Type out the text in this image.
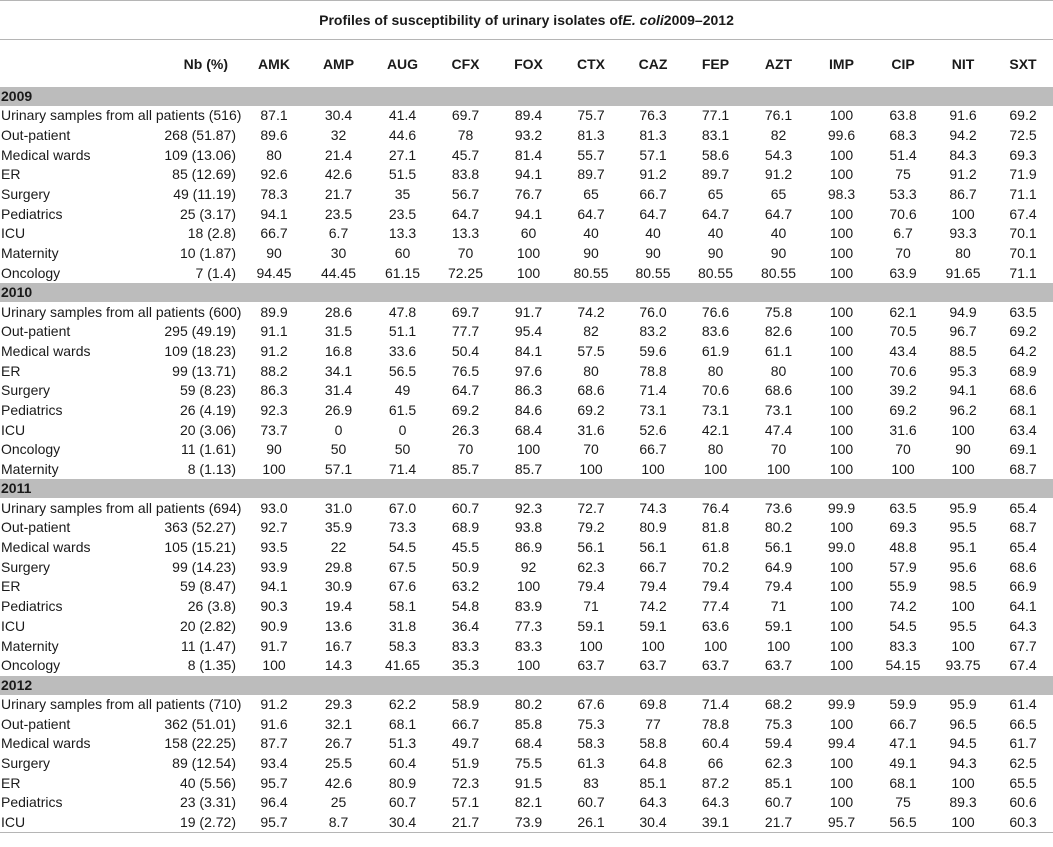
Profiles of susceptibility of urinary isolates of E. coli 2009–2012
	Nb (%)	AMK	AMP	AUG	CFX	FOX	CTX	CAZ	FEP	AZT	IMP	CIP	NIT	SXT
2009														
Urinary samples from all patients (516)		87.1	30.4	41.4	69.7	89.4	75.7	76.3	77.1	76.1	100	63.8	91.6	69.2
Out-patient	268 (51.87)	89.6	32	44.6	78	93.2	81.3	81.3	83.1	82	99.6	68.3	94.2	72.5
Medical wards	109 (13.06)	80	21.4	27.1	45.7	81.4	55.7	57.1	58.6	54.3	100	51.4	84.3	69.3
ER	85 (12.69)	92.6	42.6	51.5	83.8	94.1	89.7	91.2	89.7	91.2	100	75	91.2	71.9
Surgery	49 (11.19)	78.3	21.7	35	56.7	76.7	65	66.7	65	65	98.3	53.3	86.7	71.1
Pediatrics	25 (3.17)	94.1	23.5	23.5	64.7	94.1	64.7	64.7	64.7	64.7	100	70.6	100	67.4
ICU	18 (2.8)	66.7	6.7	13.3	13.3	60	40	40	40	40	100	6.7	93.3	70.1
Maternity	10 (1.87)	90	30	60	70	100	90	90	90	90	100	70	80	70.1
Oncology	7 (1.4)	94.45	44.45	61.15	72.25	100	80.55	80.55	80.55	80.55	100	63.9	91.65	71.1
2010														
Urinary samples from all patients (600)		89.9	28.6	47.8	69.7	91.7	74.2	76.0	76.6	75.8	100	62.1	94.9	63.5
Out-patient	295 (49.19)	91.1	31.5	51.1	77.7	95.4	82	83.2	83.6	82.6	100	70.5	96.7	69.2
Medical wards	109 (18.23)	91.2	16.8	33.6	50.4	84.1	57.5	59.6	61.9	61.1	100	43.4	88.5	64.2
ER	99 (13.71)	88.2	34.1	56.5	76.5	97.6	80	78.8	80	80	100	70.6	95.3	68.9
Surgery	59 (8.23)	86.3	31.4	49	64.7	86.3	68.6	71.4	70.6	68.6	100	39.2	94.1	68.6
Pediatrics	26 (4.19)	92.3	26.9	61.5	69.2	84.6	69.2	73.1	73.1	73.1	100	69.2	96.2	68.1
ICU	20 (3.06)	73.7	0	0	26.3	68.4	31.6	52.6	42.1	47.4	100	31.6	100	63.4
Oncology	11 (1.61)	90	50	50	70	100	70	66.7	80	70	100	70	90	69.1
Maternity	8 (1.13)	100	57.1	71.4	85.7	85.7	100	100	100	100	100	100	100	68.7
2011														
Urinary samples from all patients (694)		93.0	31.0	67.0	60.7	92.3	72.7	74.3	76.4	73.6	99.9	63.5	95.9	65.4
Out-patient	363 (52.27)	92.7	35.9	73.3	68.9	93.8	79.2	80.9	81.8	80.2	100	69.3	95.5	68.7
Medical wards	105 (15.21)	93.5	22	54.5	45.5	86.9	56.1	56.1	61.8	56.1	99.0	48.8	95.1	65.4
Surgery	99 (14.23)	93.9	29.8	67.5	50.9	92	62.3	66.7	70.2	64.9	100	57.9	95.6	68.6
ER	59 (8.47)	94.1	30.9	67.6	63.2	100	79.4	79.4	79.4	79.4	100	55.9	98.5	66.9
Pediatrics	26 (3.8)	90.3	19.4	58.1	54.8	83.9	71	74.2	77.4	71	100	74.2	100	64.1
ICU	20 (2.82)	90.9	13.6	31.8	36.4	77.3	59.1	59.1	63.6	59.1	100	54.5	95.5	64.3
Maternity	11 (1.47)	91.7	16.7	58.3	83.3	83.3	100	100	100	100	100	83.3	100	67.7
Oncology	8 (1.35)	100	14.3	41.65	35.3	100	63.7	63.7	63.7	63.7	100	54.15	93.75	67.4
2012														
Urinary samples from all patients (710)		91.2	29.3	62.2	58.9	80.2	67.6	69.8	71.4	68.2	99.9	59.9	95.9	61.4
Out-patient	362 (51.01)	91.6	32.1	68.1	66.7	85.8	75.3	77	78.8	75.3	100	66.7	96.5	66.5
Medical wards	158 (22.25)	87.7	26.7	51.3	49.7	68.4	58.3	58.8	60.4	59.4	99.4	47.1	94.5	61.7
Surgery	89 (12.54)	93.4	25.5	60.4	51.9	75.5	61.3	64.8	66	62.3	100	49.1	94.3	62.5
ER	40 (5.56)	95.7	42.6	80.9	72.3	91.5	83	85.1	87.2	85.1	100	68.1	100	65.5
Pediatrics	23 (3.31)	96.4	25	60.7	57.1	82.1	60.7	64.3	64.3	60.7	100	75	89.3	60.6
ICU	19 (2.72)	95.7	8.7	30.4	21.7	73.9	26.1	30.4	39.1	21.7	95.7	56.5	100	60.3
